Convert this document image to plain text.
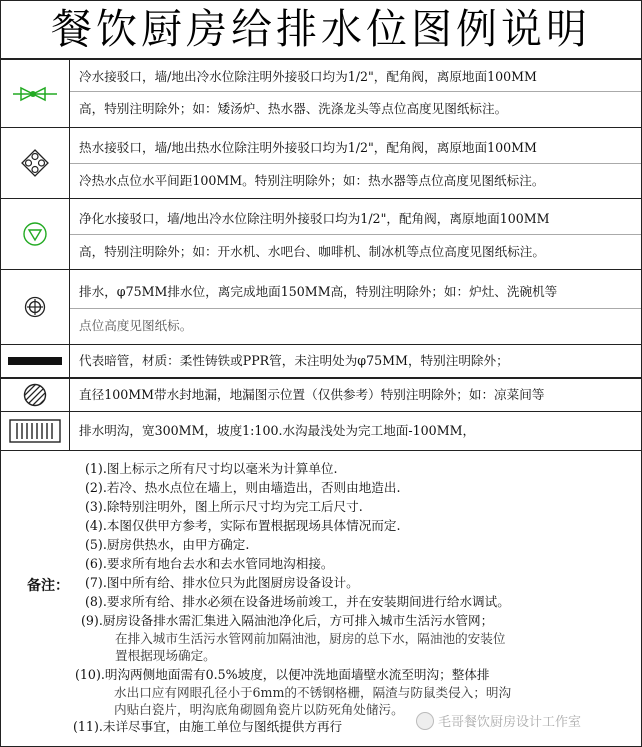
餐饮厨房给排水位图例说明
冷水接驳口，墙/地出冷水位除注明外接驳口均为1/2"，配角阀，离原地面100MM
高，特别注明除外；如：矮汤炉、热水器、洗涤龙头等点位高度见图纸标注。
热水接驳口，墙/地出热水位除注明外接驳口均为1/2"，配角阀，离原地面100MM
冷热水点位水平间距100MM。特别注明除外；如：热水器等点位高度见图纸标注。
净化水接驳口，墙/地出冷水位除注明外接驳口均为1/2"，配角阀，离原地面100MM
高，特别注明除外；如：开水机、水吧台、咖啡机、制冰机等点位高度见图纸标注。
排水，φ75MM排水位，离完成地面150MM高，特别注明除外；如：炉灶、洗碗机等
点位高度见图纸标。
代表暗管，材质：柔性铸铁或PPR管，未注明处为φ75MM，特别注明除外；
直径100MM带水封地漏，地漏图示位置（仅供参考）特别注明除外；如：凉菜间等
排水明沟，宽300MM，坡度1:100.水沟最浅处为完工地面-100MM，
备注：
(1).图上标示之所有尺寸均以毫米为计算单位.
(2).若冷、热水点位在墙上，则由墙造出，否则由地造出.
(3).除特别注明外，图上所示尺寸均为完工后尺寸.
(4).本图仅供甲方参考，实际布置根据现场具体情况而定.
(5).厨房供热水，由甲方确定.
(6).要求所有地台去水和去水管同地沟相接。
(7).图中所有给、排水位只为此图厨房设备设计。
(8).要求所有给、排水必须在设备进场前竣工，并在安装期间进行给水调试。
(9).厨房设备排水需汇集进入隔油池净化后，方可排入城市生活污水管网；
在排入城市生活污水管网前加隔油池，厨房的总下水，隔油池的安装位
置根据现场确定。
(10).明沟两侧地面需有0.5%坡度，以便冲洗地面墙壁水流至明沟；整体排
水出口应有网眼孔径小于6mm的不锈钢格栅，隔渣与防鼠类侵入；明沟
内贴白瓷片，明沟底角砌圆角瓷片以防死角处储污。
(11).未详尽事宜，由施工单位与图纸提供方再行	毛哥餐饮厨房设计工作室
